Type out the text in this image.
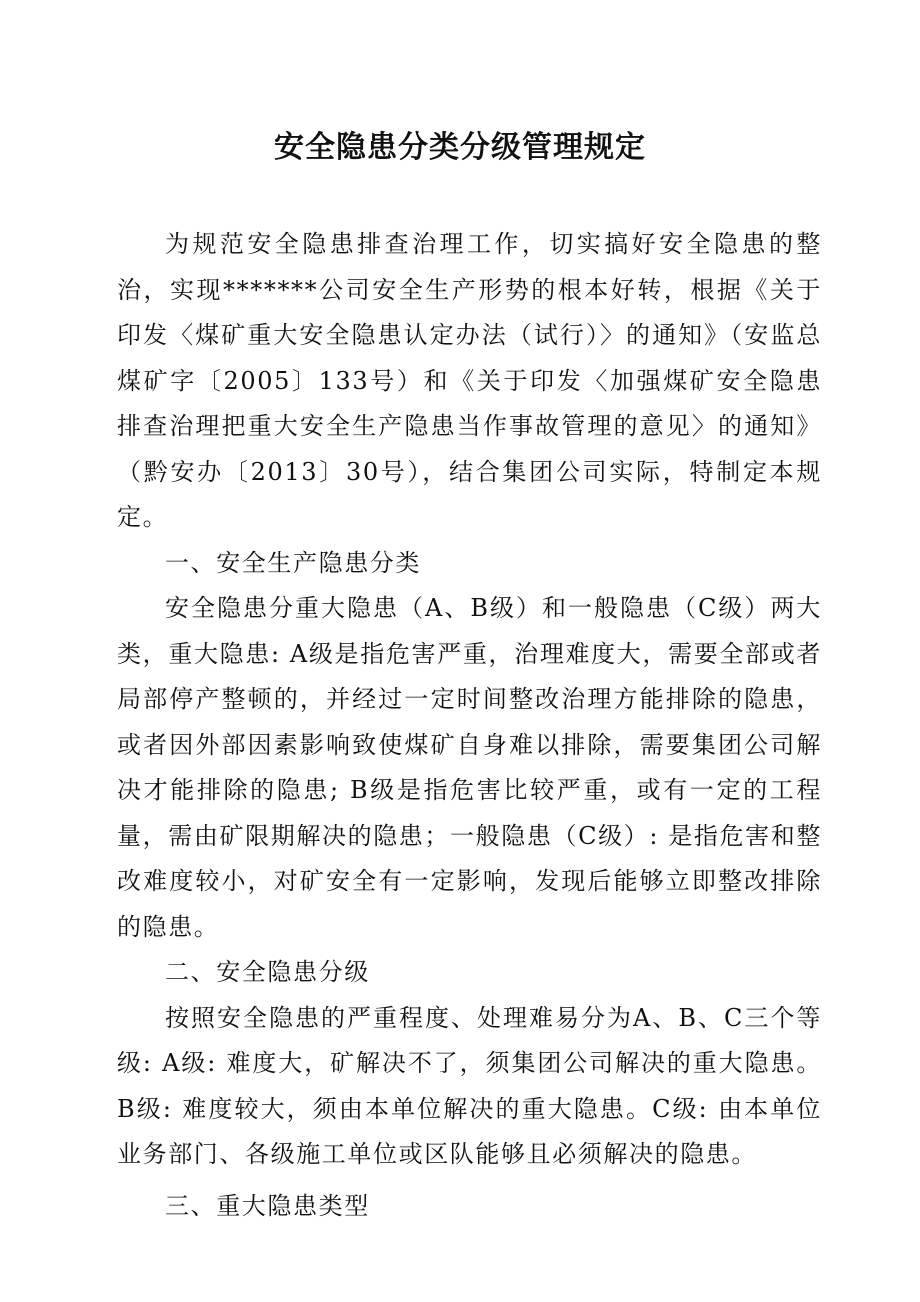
安全隐患分类分级管理规定

为规范安全隐患排查治理工作，切实搞好安全隐患的整治，实现*******公司安全生产形势的根本好转，根据《关于印发〈煤矿重大安全隐患认定办法（试行）〉的通知》（安监总煤矿字〔2005〕133号）和《关于印发〈加强煤矿安全隐患排查治理把重大安全生产隐患当作事故管理的意见〉的通知》（黔安办〔2013〕30号），结合集团公司实际，特制定本规定。

一、安全生产隐患分类

安全隐患分重大隐患（A、B级）和一般隐患（C级）两大类，重大隐患: A级是指危害严重，治理难度大，需要全部或者局部停产整顿的，并经过一定时间整改治理方能排除的隐患，或者因外部因素影响致使煤矿自身难以排除，需要集团公司解决才能排除的隐患; B级是指危害比较严重，或有一定的工程量，需由矿限期解决的隐患；一般隐患（C级）: 是指危害和整改难度较小，对矿安全有一定影响，发现后能够立即整改排除的隐患。

二、安全隐患分级

按照安全隐患的严重程度、处理难易分为A、B、C三个等级: A级: 难度大，矿解决不了，须集团公司解决的重大隐患。B级: 难度较大，须由本单位解决的重大隐患。C级: 由本单位业务部门、各级施工单位或区队能够且必须解决的隐患。

三、重大隐患类型
